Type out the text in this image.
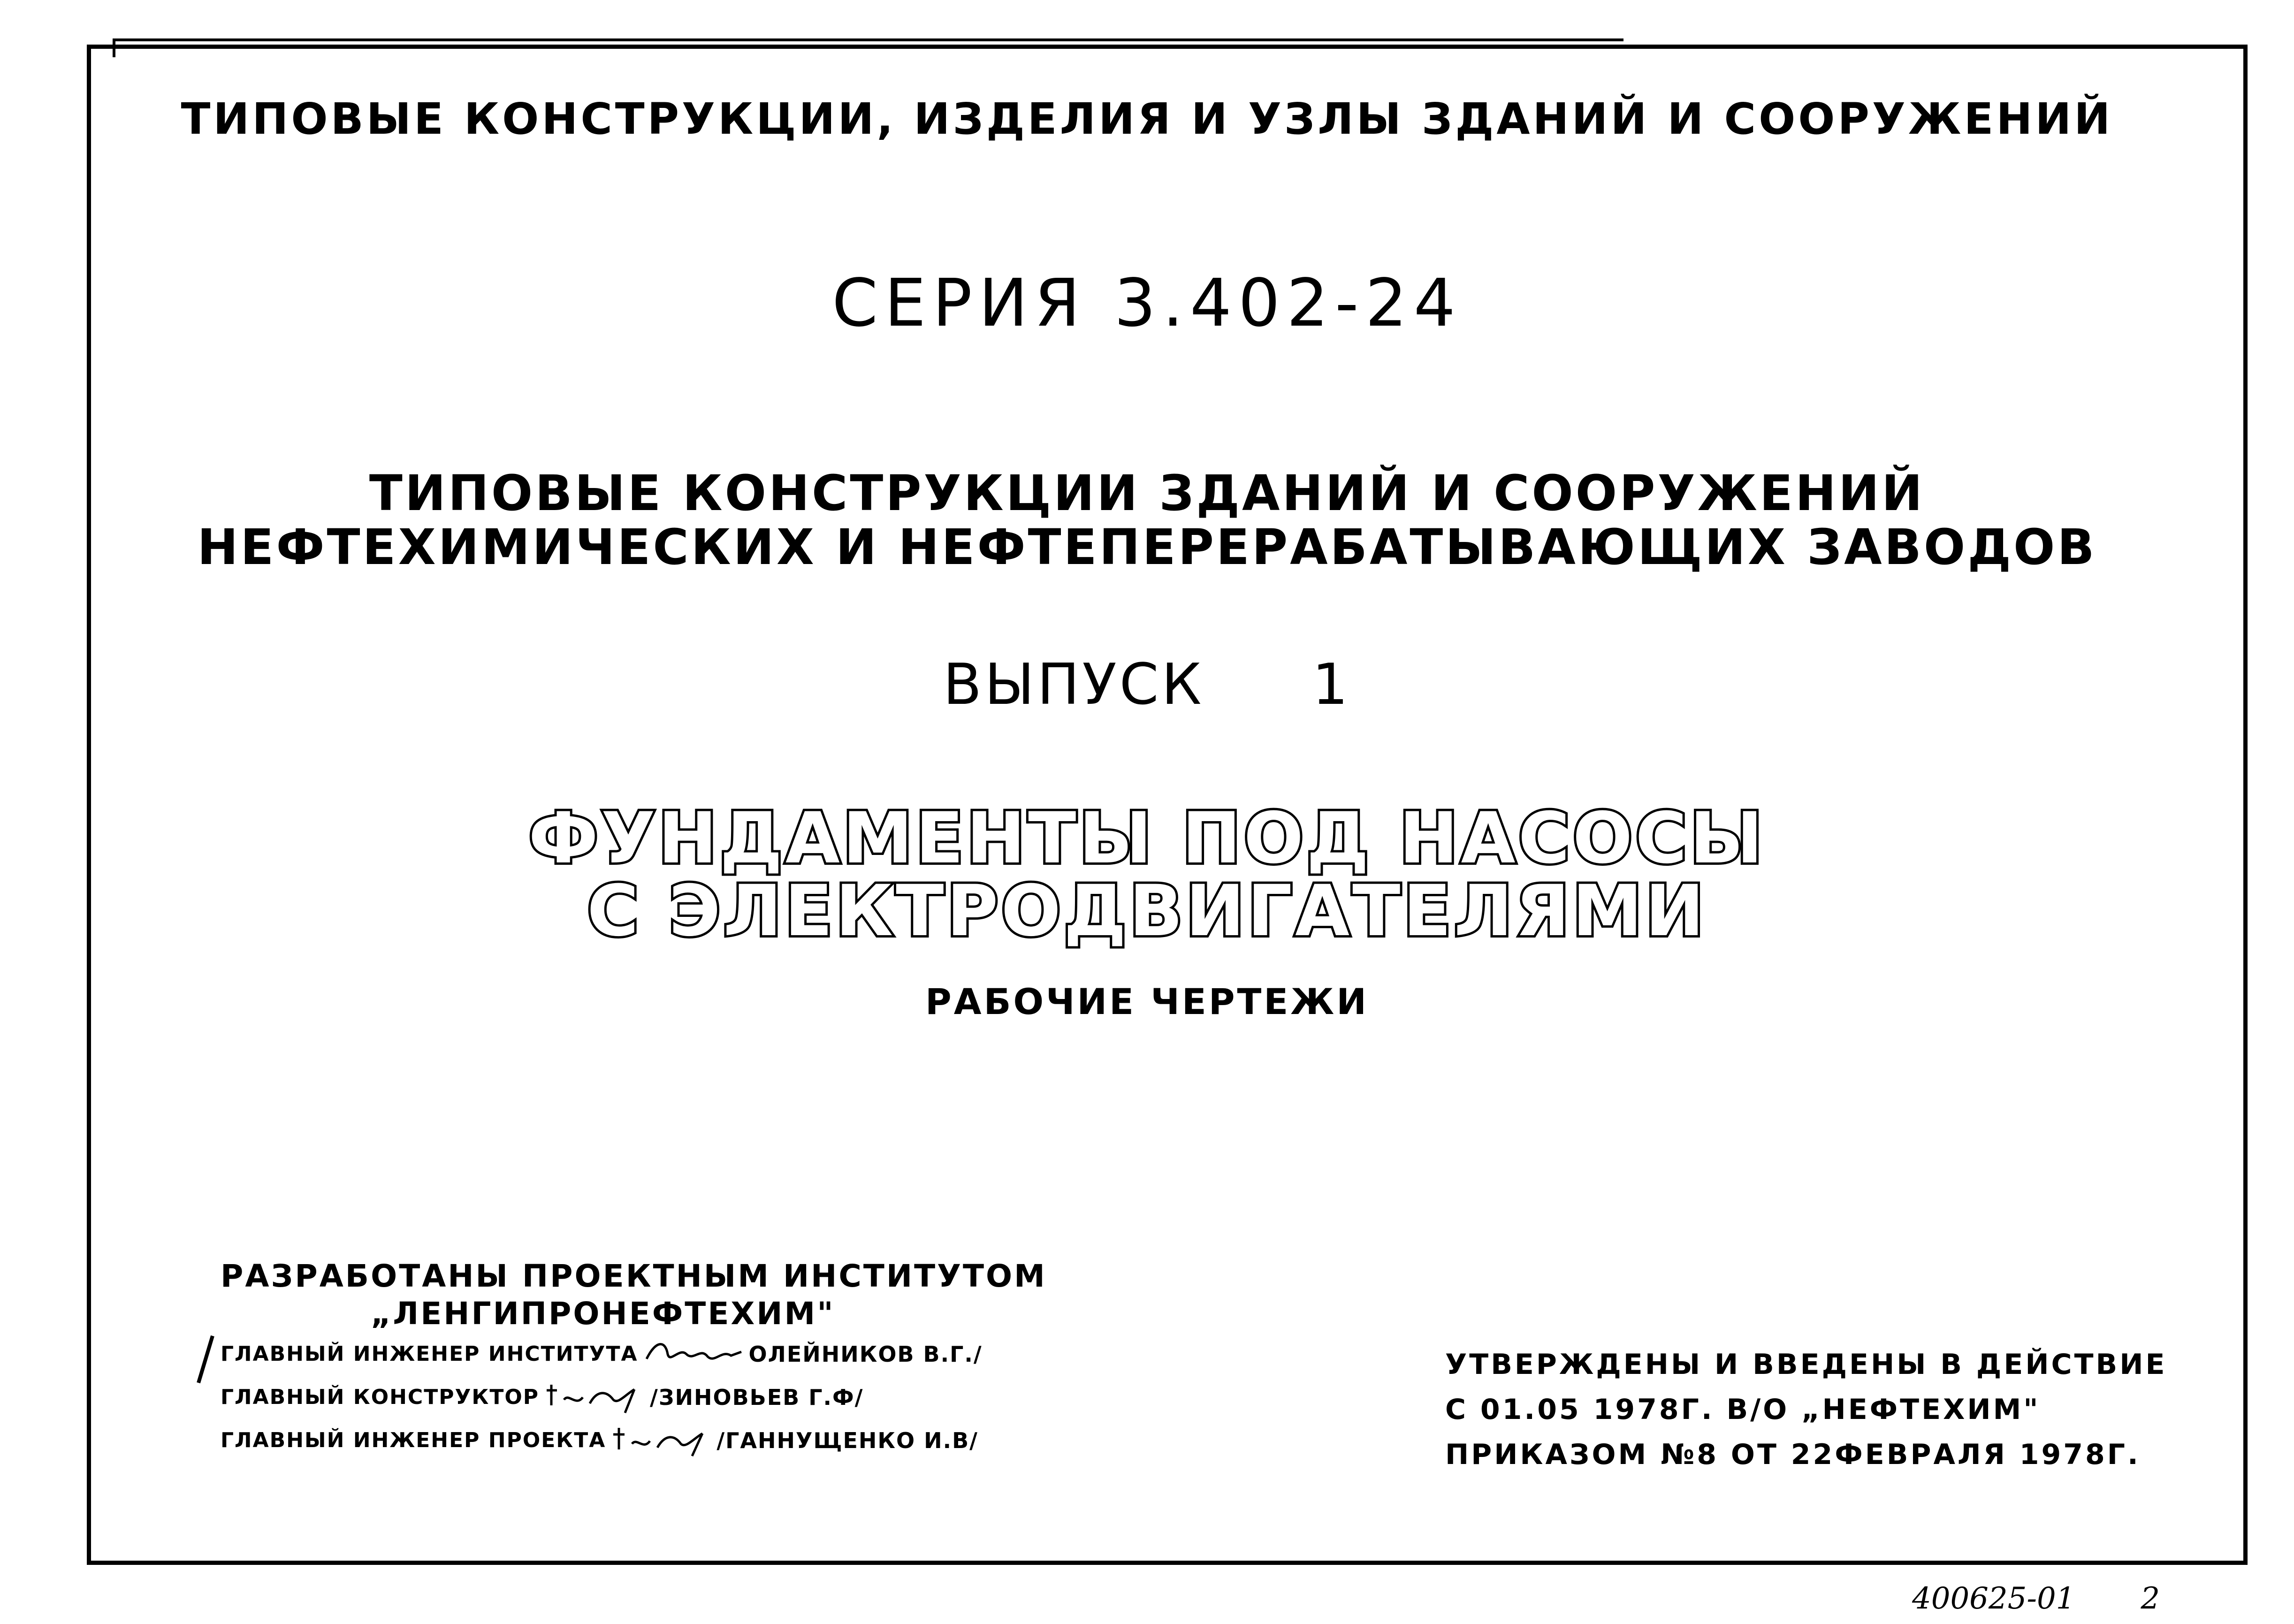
ТИПОВЫЕ КОНСТРУКЦИИ, ИЗДЕЛИЯ И УЗЛЫ ЗДАНИЙ И СООРУЖЕНИЙ
СЕРИЯ 3.402-24
ТИПОВЫЕ КОНСТРУКЦИИ ЗДАНИЙ И СООРУЖЕНИЙ
НЕФТЕХИМИЧЕСКИХ И НЕФТЕПЕРЕРАБАТЫВАЮЩИХ ЗАВОДОВ
ВЫПУСК 1
ФУНДАМЕНТЫ ПОД НАСОСЫ
С ЭЛЕКТРОДВИГАТЕЛЯМИ
РАБОЧИЕ ЧЕРТЕЖИ
РАЗРАБОТАНЫ ПРОЕКТНЫМ ИНСТИТУТОМ
„ЛЕНГИПРОНЕФТЕХИМ"
ГЛАВНЫЙ ИНЖЕНЕР ИНСТИТУТА	ОЛЕЙНИКОВ В.Г./
ГЛАВНЫЙ КОНСТРУКТОР	/ЗИНОВЬЕВ Г.Ф/
ГЛАВНЫЙ ИНЖЕНЕР ПРОЕКТА	/ГАННУЩЕНКО И.В/
УТВЕРЖДЕНЫ И ВВЕДЕНЫ В ДЕЙСТВИЕ
С 01.05 1978Г. В/О „НЕФТЕХИМ"
ПРИКАЗОМ №8 ОТ 22ФЕВРАЛЯ 1978Г.
400625-01 2
